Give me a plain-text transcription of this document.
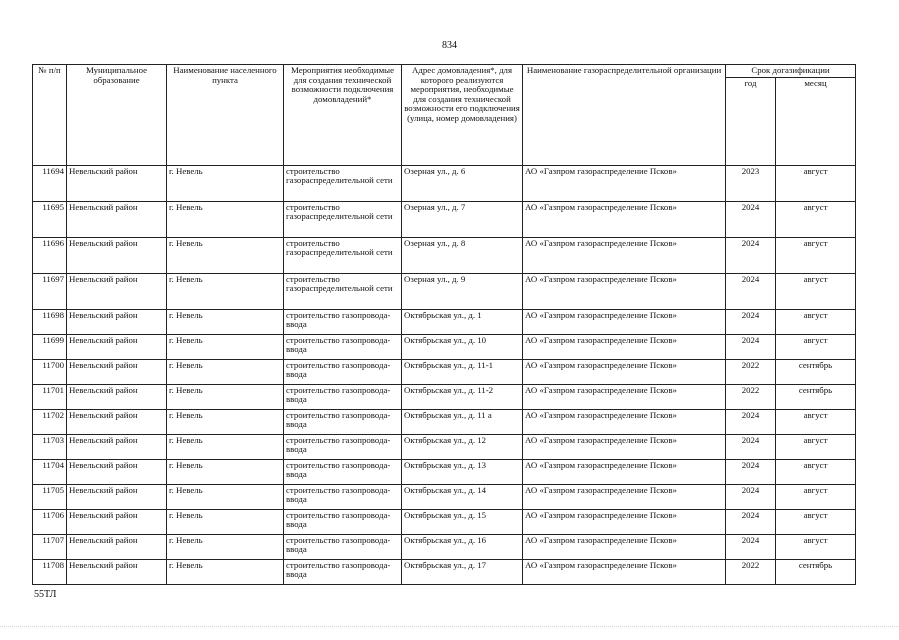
834
№ п/п	Муниципальное образование	Наименование населенного пункта	Мероприятия необходимые для создания технической возможности подключения домовладений*	Адрес домовладения*, для которого реализуются мероприятия, необходимые для создания технической возможности его подключения (улица, номер домовладения)	Наименование газораспределительной организации	Срок догазификации	
						год	месяц
11694	Невельский район	г. Невель	строительство газораспределительной сети	Озерная ул., д. 6	АО «Газпром газораспределение Псков»	2023	август
11695	Невельский район	г. Невель	строительство газораспределительной сети	Озерная ул., д. 7	АО «Газпром газораспределение Псков»	2024	август
11696	Невельский район	г. Невель	строительство газораспределительной сети	Озерная ул., д. 8	АО «Газпром газораспределение Псков»	2024	август
11697	Невельский район	г. Невель	строительство газораспределительной сети	Озерная ул., д. 9	АО «Газпром газораспределение Псков»	2024	август
11698	Невельский район	г. Невель	строительство газопровода-ввода	Октябрьская ул., д. 1	АО «Газпром газораспределение Псков»	2024	август
11699	Невельский район	г. Невель	строительство газопровода-ввода	Октябрьская ул., д. 10	АО «Газпром газораспределение Псков»	2024	август
11700	Невельский район	г. Невель	строительство газопровода-ввода	Октябрьская ул., д. 11-1	АО «Газпром газораспределение Псков»	2022	сентябрь
11701	Невельский район	г. Невель	строительство газопровода-ввода	Октябрьская ул., д. 11-2	АО «Газпром газораспределение Псков»	2022	сентябрь
11702	Невельский район	г. Невель	строительство газопровода-ввода	Октябрьская ул., д. 11 а	АО «Газпром газораспределение Псков»	2024	август
11703	Невельский район	г. Невель	строительство газопровода-ввода	Октябрьская ул., д. 12	АО «Газпром газораспределение Псков»	2024	август
11704	Невельский район	г. Невель	строительство газопровода-ввода	Октябрьская ул., д. 13	АО «Газпром газораспределение Псков»	2024	август
11705	Невельский район	г. Невель	строительство газопровода-ввода	Октябрьская ул., д. 14	АО «Газпром газораспределение Псков»	2024	август
11706	Невельский район	г. Невель	строительство газопровода-ввода	Октябрьская ул., д. 15	АО «Газпром газораспределение Псков»	2024	август
11707	Невельский район	г. Невель	строительство газопровода-ввода	Октябрьская ул., д. 16	АО «Газпром газораспределение Псков»	2024	август
11708	Невельский район	г. Невель	строительство газопровода-ввода	Октябрьская ул., д. 17	АО «Газпром газораспределение Псков»	2022	сентябрь
55ТЛ
